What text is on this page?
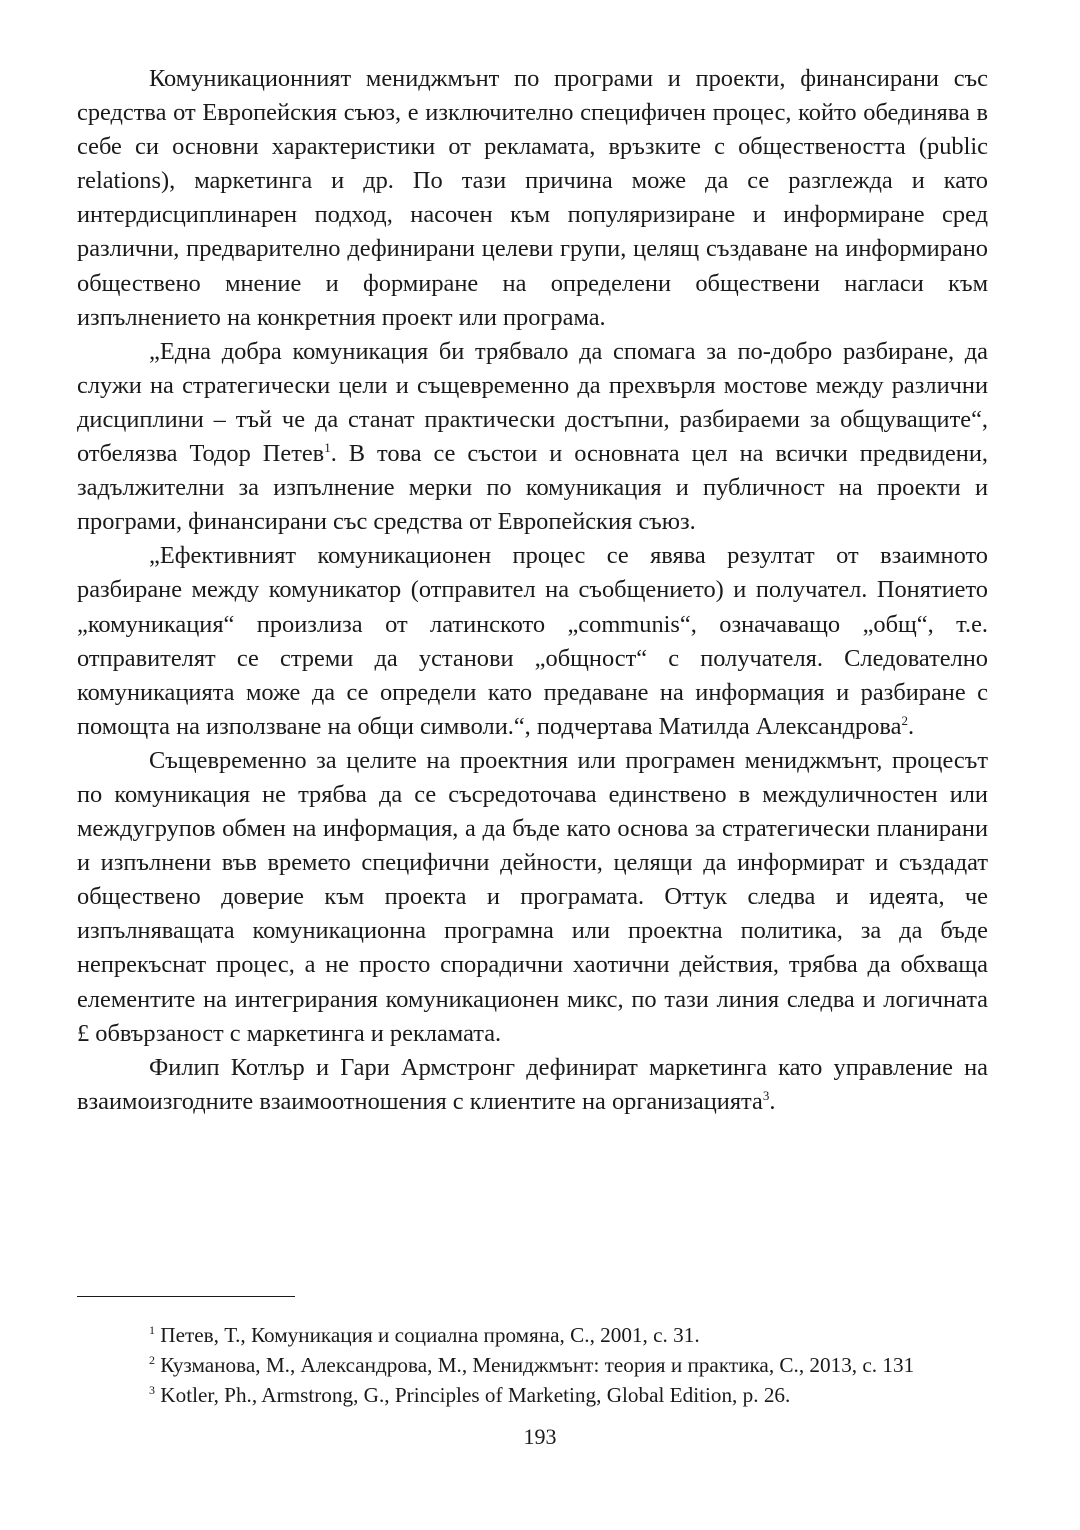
Комуникационният мениджмънт по програми и проекти, финансирани със средства от Европейския съюз, е изключително специфичен процес, който обединява в себе си основни характеристики от рекламата, връзките с обществеността (public relations), маркетинга и др. По тази причина може да се разглежда и като интердисциплинарен подход, насочен към популяризиране и информиране сред различни, предварително дефинирани целеви групи, целящ създаване на информирано обществено мнение и формиране на определени обществени нагласи към изпълнението на конкретния проект или програма.

„Една добра комуникация би трябвало да спомага за по-добро разбиране, да служи на стратегически цели и същевременно да прехвърля мостове между различни дисциплини – тъй че да станат практически достъпни, разбираеми за общуващите“, отбелязва Тодор Петев$^1$. В това се състои и основната цел на всички предвидени, задължителни за изпълнение мерки по комуникация и публичност на проекти и програми, финансирани със средства от Европейския съюз.

„Ефективният комуникационен процес се явява резултат от взаимното разбиране между комуникатор (отправител на съобщението) и получател. Понятието „комуникация“ произлиза от латинското „communis“, означаващо „общ“, т.е. отправителят се стреми да установи „общност“ с получателя. Следователно комуникацията може да се определи като предаване на информация и разбиране с помощта на използване на общи символи.“, подчертава Матилда Александрова$^2$.

Същевременно за целите на проектния или програмен мениджмънт, процесът по комуникация не трябва да се съсредоточава единствено в междуличностен или междугрупов обмен на информация, а да бъде като основа за стратегически планирани и изпълнени във времето специфични дейности, целящи да информират и създадат обществено доверие към проекта и програмата. Оттук следва и идеята, че изпълняващата комуникационна програмна или проектна политика, за да бъде непрекъснат процес, а не просто спорадични хаотични действия, трябва да обхваща елементите на интегрирания комуникационен микс, по тази линия следва и логичната £ обвързаност с маркетинга и рекламата.

Филип Котлър и Гари Армстронг дефинират маркетинга като управление на взаимоизгодните взаимоотношения с клиентите на организацията$^3$.

$^1$ Петев, Т., Комуникация и социална промяна, С., 2001, с. 31.

$^2$ Кузманова, М., Александрова, М., Мениджмънт: теория и практика, С., 2013, с. 131

$^3$ Kotler, Ph., Armstrong, G., Principles of Marketing, Global Edition, p. 26.

193
